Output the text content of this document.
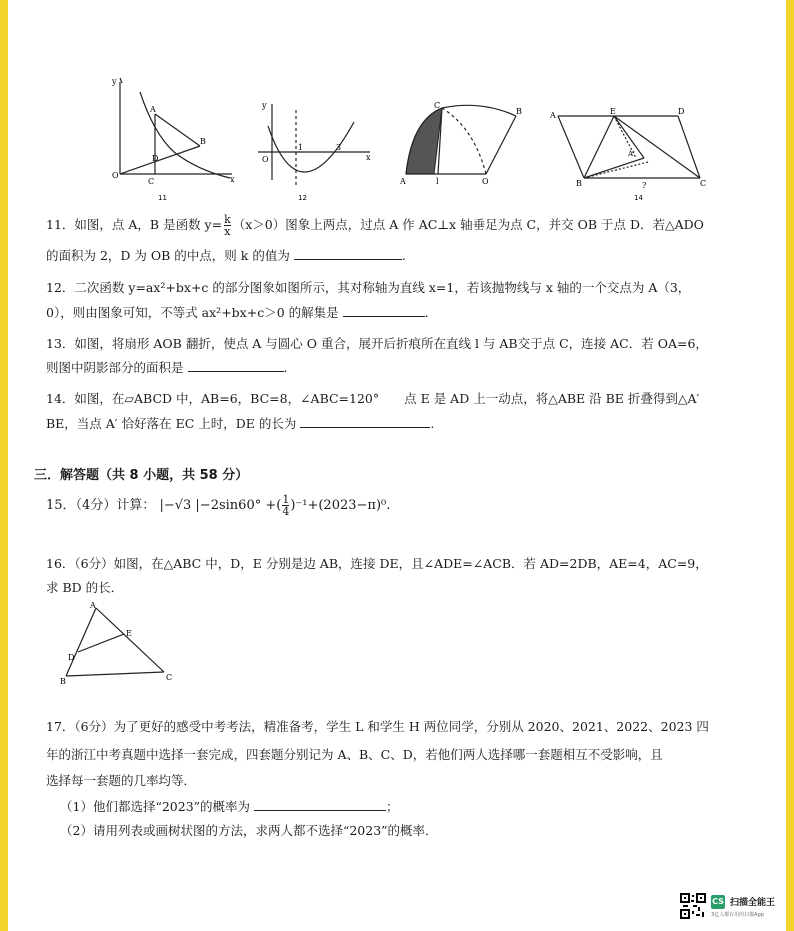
y
x
O
A
B
C
D
11
y
x
O
1	3
12
C
B
A	l	O
A	E	D
A'
B	C
?
14
11．如图，点 A，B 是函数 $y= \frac{k}{x} (x>0)$图象上两点，过点 A 作 AC⊥x 轴垂足为点 C，并交 OB 于点 D．若△ADO
的面积为 2，D 为 OB 的中点，则 k 的值为	.
12．二次函数 y=ax²+bx+c 的部分图象如图所示，其对称轴为直线 x=1，若该抛物线与 x 轴的一个交点为 A（3，
0），则由图象可知，不等式 ax²+bx+c＞0 的解集是	.
13．如图，将扇形 AOB 翻折，使点 A 与圆心 O 重合，展开后折痕所在直线 l 与 AB交于点 C，连接 AC．若 OA=6，
则图中阴影部分的面积是	.
14．如图，在▱ABCD 中，AB=6，BC=8，∠ABC=120°　　点 E 是 AD 上一动点，将△ABE 沿 BE 折叠得到△A′
BE，当点 A′ 恰好落在 EC 上时，DE 的长为	.
三．解答题（共 8 小题，共 58 分）
15．（4分）计算： |−√3 |−2sin60° +( $\frac{1}{4} )^{-1}+(2023-\pi)^0$.
16．（6分）如图，在△ABC 中，D，E 分别是边 AB，连接 DE，且∠ADE=∠ACB．若 AD=2DB，AE=4，AC=9，
求 BD 的长．
A
E
D
B	C
17．（6分）为了更好的感受中考考法，精准备考，学生 L 和学生 H 两位同学，分别从 2020、2021、2022、2023 四
年的浙江中考真题中选择一套完成，四套题分别记为 A、B、C、D，若他们两人选择哪一套题相互不受影响，且
选择每一套题的几率均等．
（1）他们都选择“2023”的概率为	；
（2）请用列表或画树状图的方法，求两人都不选择“2023”的概率．
CS 扫描全能王
3亿人都在用的扫描App
